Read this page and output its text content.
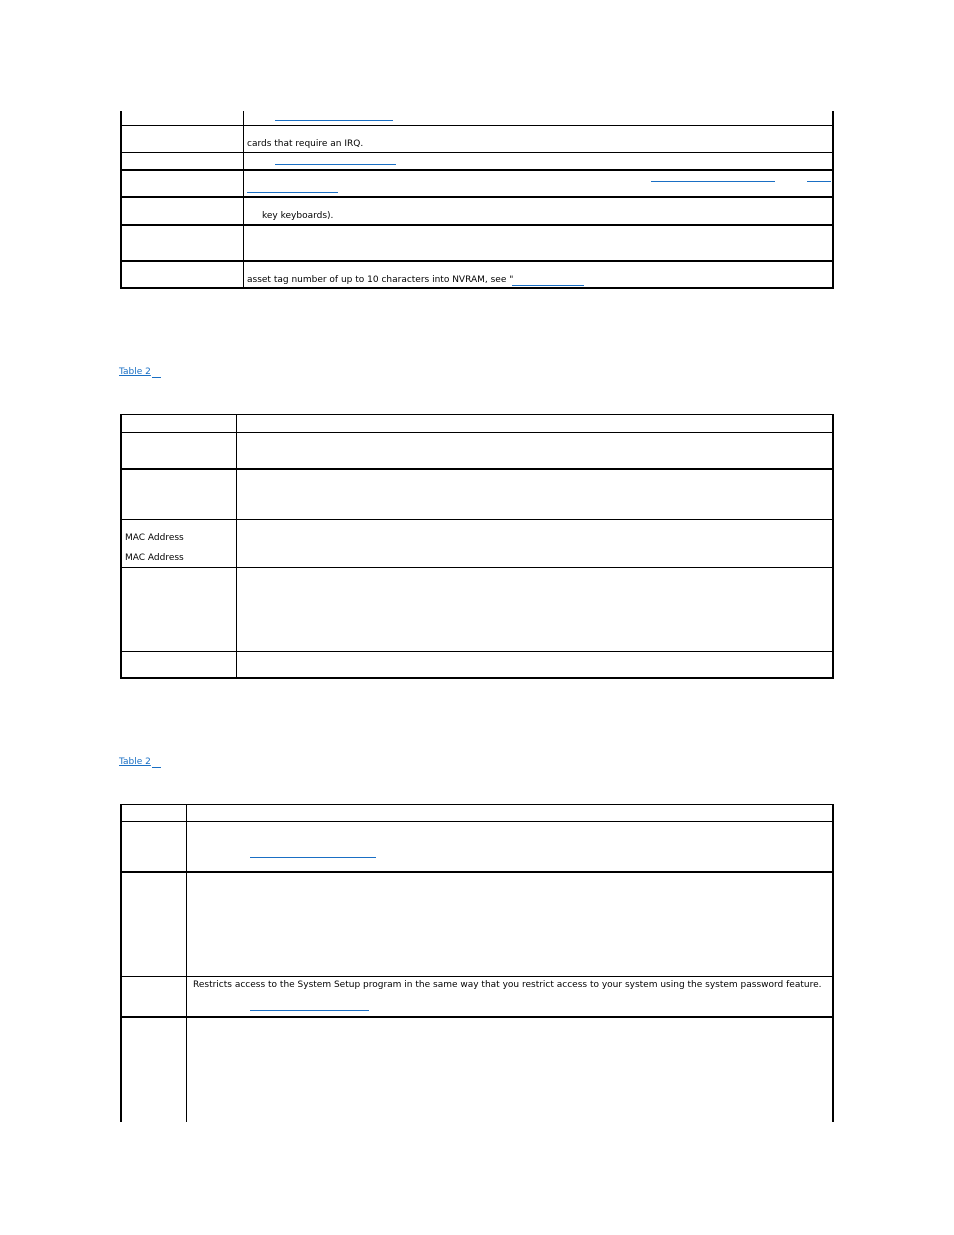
cards that require an IRQ.
key keyboards).
asset tag number of up to 10 characters into NVRAM, see "
Table 2
MAC Address
MAC Address
Table 2
Restricts access to the System Setup program in the same way that you restrict access to your system using the system password feature.
